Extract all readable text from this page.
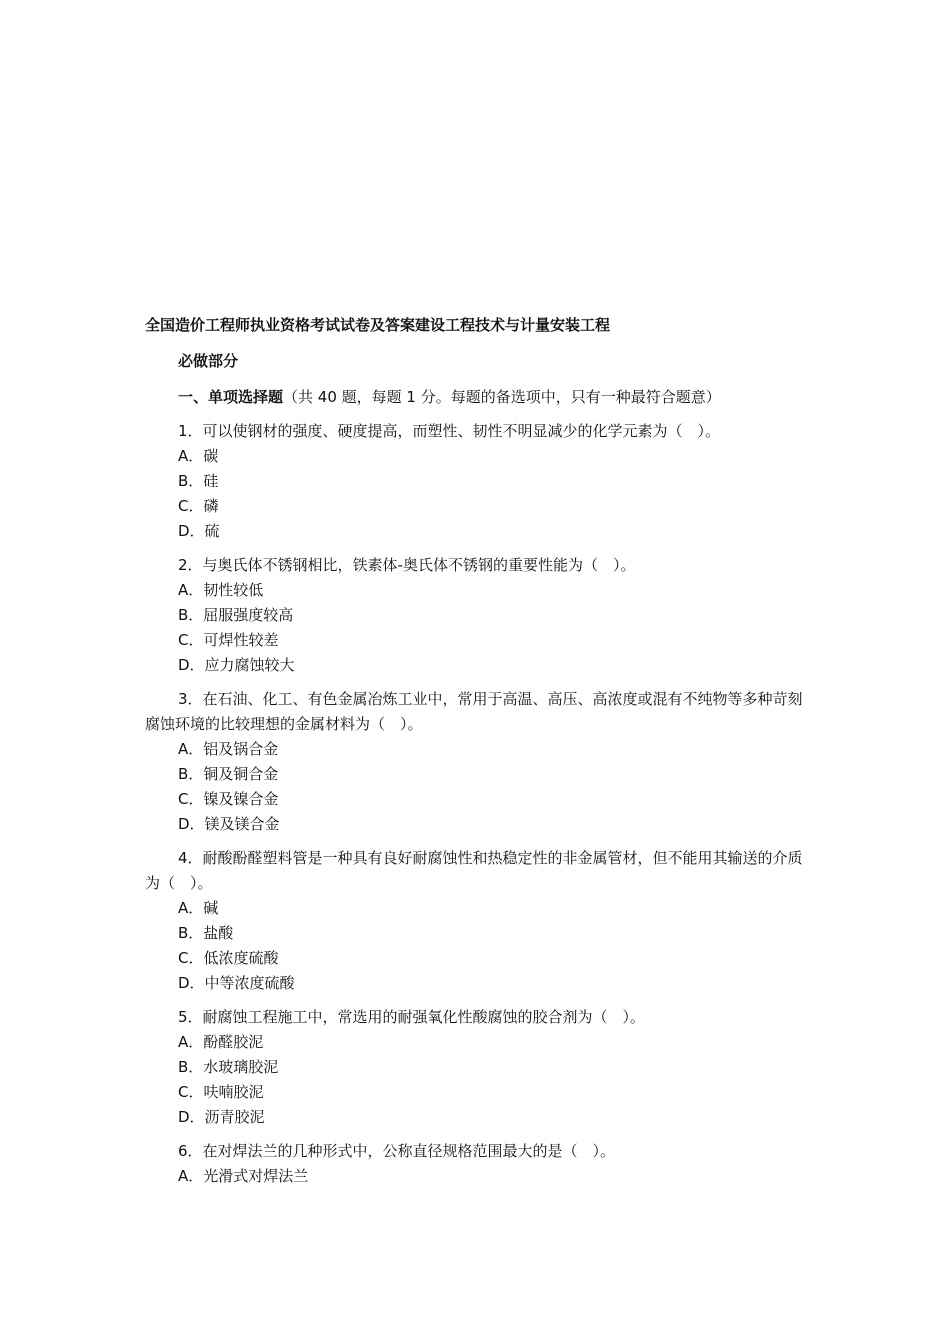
全国造价工程师执业资格考试试卷及答案建设工程技术与计量安装工程
必做部分
一、单项选择题（共 40 题，每题 1 分。每题的备选项中，只有一种最符合题意）
1．可以使钢材的强度、硬度提高，而塑性、韧性不明显减少的化学元素为（　）。
A．碳
B．硅
C．磷
D．硫
2．与奥氏体不锈钢相比，铁素体-奥氏体不锈钢的重要性能为（　）。
A．韧性较低
B．屈服强度较高
C．可焊性较差
D．应力腐蚀较大
3．在石油、化工、有色金属冶炼工业中，常用于高温、高压、高浓度或混有不纯物等多种苛刻腐蚀环境的比较理想的金属材料为（　）。
A．铝及锅合金
B．铜及铜合金
C．镍及镍合金
D．镁及镁合金
4．耐酸酚醛塑料管是一种具有良好耐腐蚀性和热稳定性的非金属管材，但不能用其输送的介质为（　）。
A．碱
B．盐酸
C．低浓度硫酸
D．中等浓度硫酸
5．耐腐蚀工程施工中，常选用的耐强氧化性酸腐蚀的胶合剂为（　）。
A．酚醛胶泥
B．水玻璃胶泥
C．呋喃胶泥
D．沥青胶泥
6．在对焊法兰的几种形式中，公称直径规格范围最大的是（　）。
A．光滑式对焊法兰
